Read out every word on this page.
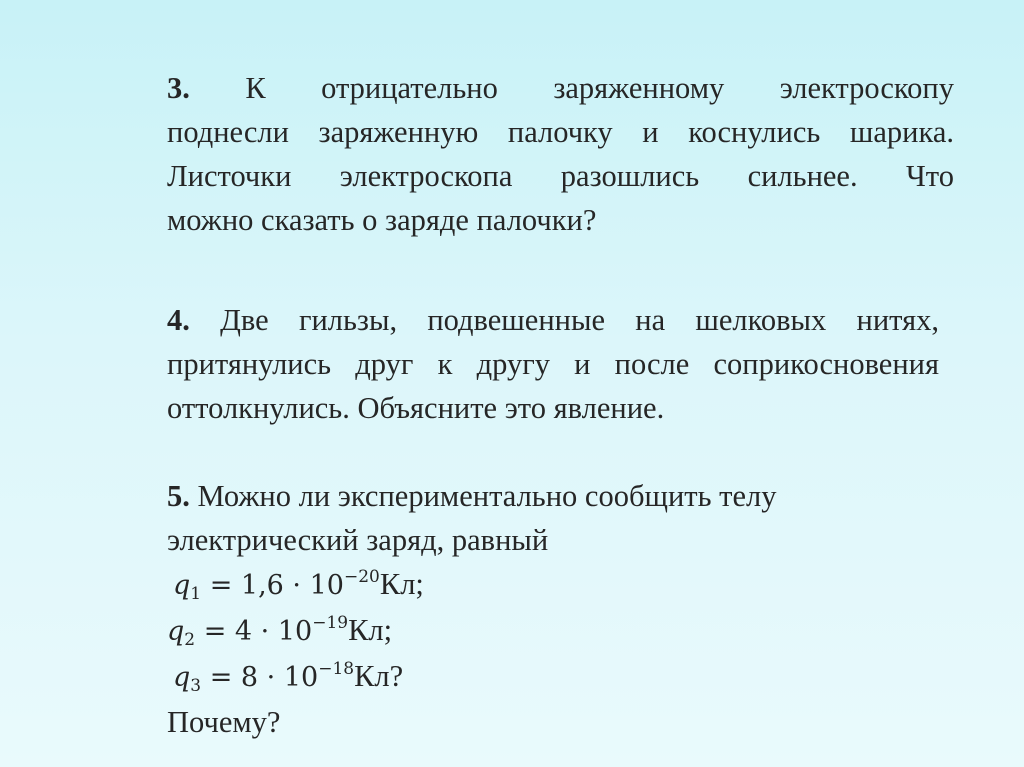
3. К отрицательно заряженному электроскопу
поднесли заряженную палочку и коснулись шарика.
Листочки электроскопа разошлись сильнее. Что
можно сказать о заряде палочки?
4. Две гильзы, подвешенные на шелковых нитях,
притянулись друг к другу и после соприкосновения
оттолкнулись. Объясните это явление.
5. Можно ли экспериментально сообщить телу
электрический заряд, равный
$q_1 = 1,6 \cdot 10^{-20}Кл$;
$q_2 = 4 \cdot 10^{-19}Кл$;
$q_3 = 8 \cdot 10^{-18}Кл$?
Почему?
